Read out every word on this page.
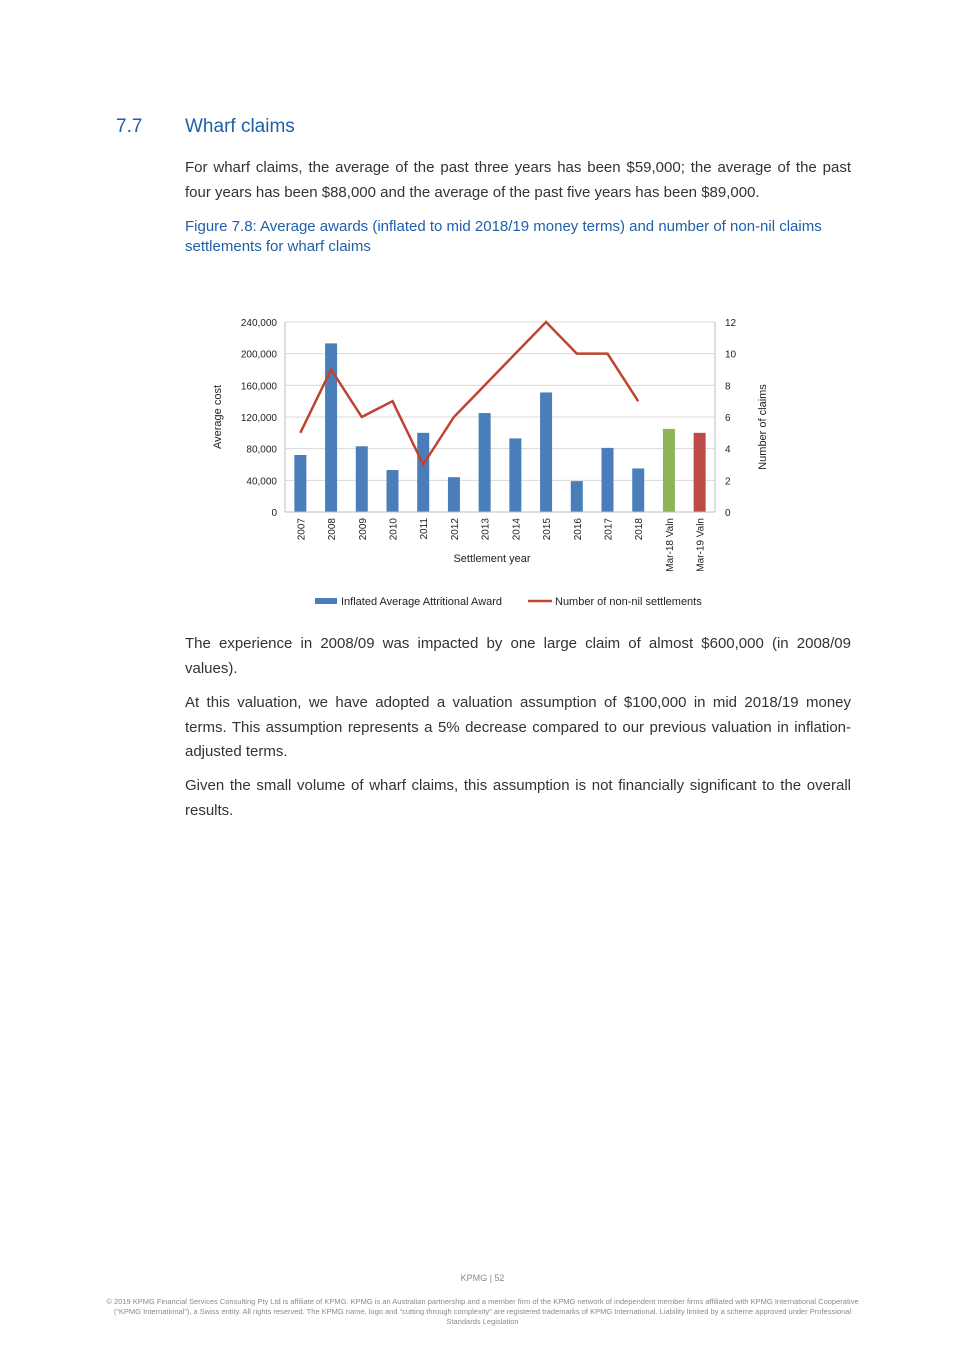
7.7 Wharf claims

For wharf claims, the average of the past three years has been $59,000; the average of the past four years has been $88,000 and the average of the past five years has been $89,000.

Figure 7.8: Average awards (inflated to mid 2018/19 money terms) and number of non-nil claims settlements for wharf claims

0
40,000
80,000
120,000
160,000
200,000
240,000
0
2
4
6
8
10
12
2007 2008 2009 2010 2011 2012 2013 2014 2015 2016 2017 2018 Mar-18 Valn Mar-19 Valn
Average cost	Number of claims
Settlement year
Inflated Average Attritional Award	Number of non-nil settlements

The experience in 2008/09 was impacted by one large claim of almost $600,000 (in 2008/09 values).

At this valuation, we have adopted a valuation assumption of $100,000 in mid 2018/19 money terms. This assumption represents a 5% decrease compared to our previous valuation in inflation-adjusted terms.

Given the small volume of wharf claims, this assumption is not financially significant to the overall results.

KPMG | 52

© 2019 KPMG Financial Services Consulting Pty Ltd is affiliate of KPMG. KPMG is an Australian partnership and a member firm of the KPMG network of independent member firms affiliated with KPMG International Cooperative (“KPMG International”), a Swiss entity. All rights reserved. The KPMG name, logo and “cutting through complexity” are registered trademarks of KPMG International. Liability limited by a scheme approved under Professional Standards Legislation
